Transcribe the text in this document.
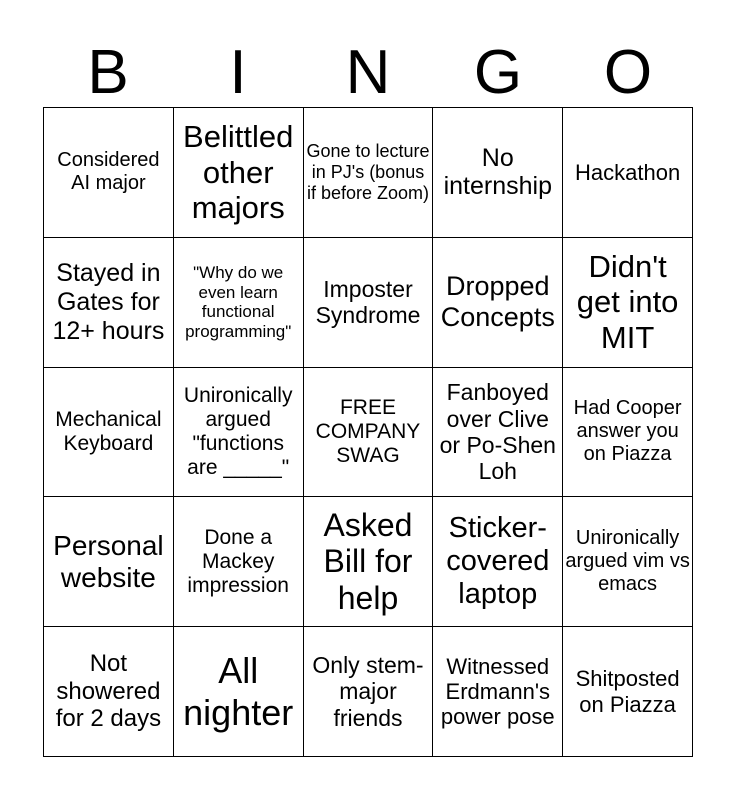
B	I	N	G	O
Considered AI major
Belittled other majors
Gone to lecture in PJ's (bonus if before Zoom)
No internship
Hackathon
Stayed in Gates for 12+ hours
"Why do we even learn functional programming"
Imposter Syndrome
Dropped Concepts
Didn't get into MIT
Mechanical Keyboard
Unironically argued "functions are _____"
FREE COMPANY SWAG
Fanboyed over Clive or Po-Shen Loh
Had Cooper answer you on Piazza
Personal website
Done a Mackey impression
Asked Bill for help
Sticker-covered laptop
Unironically argued vim vs emacs
Not showered for 2 days
All nighter
Only stem-major friends
Witnessed Erdmann's power pose
Shitposted on Piazza
